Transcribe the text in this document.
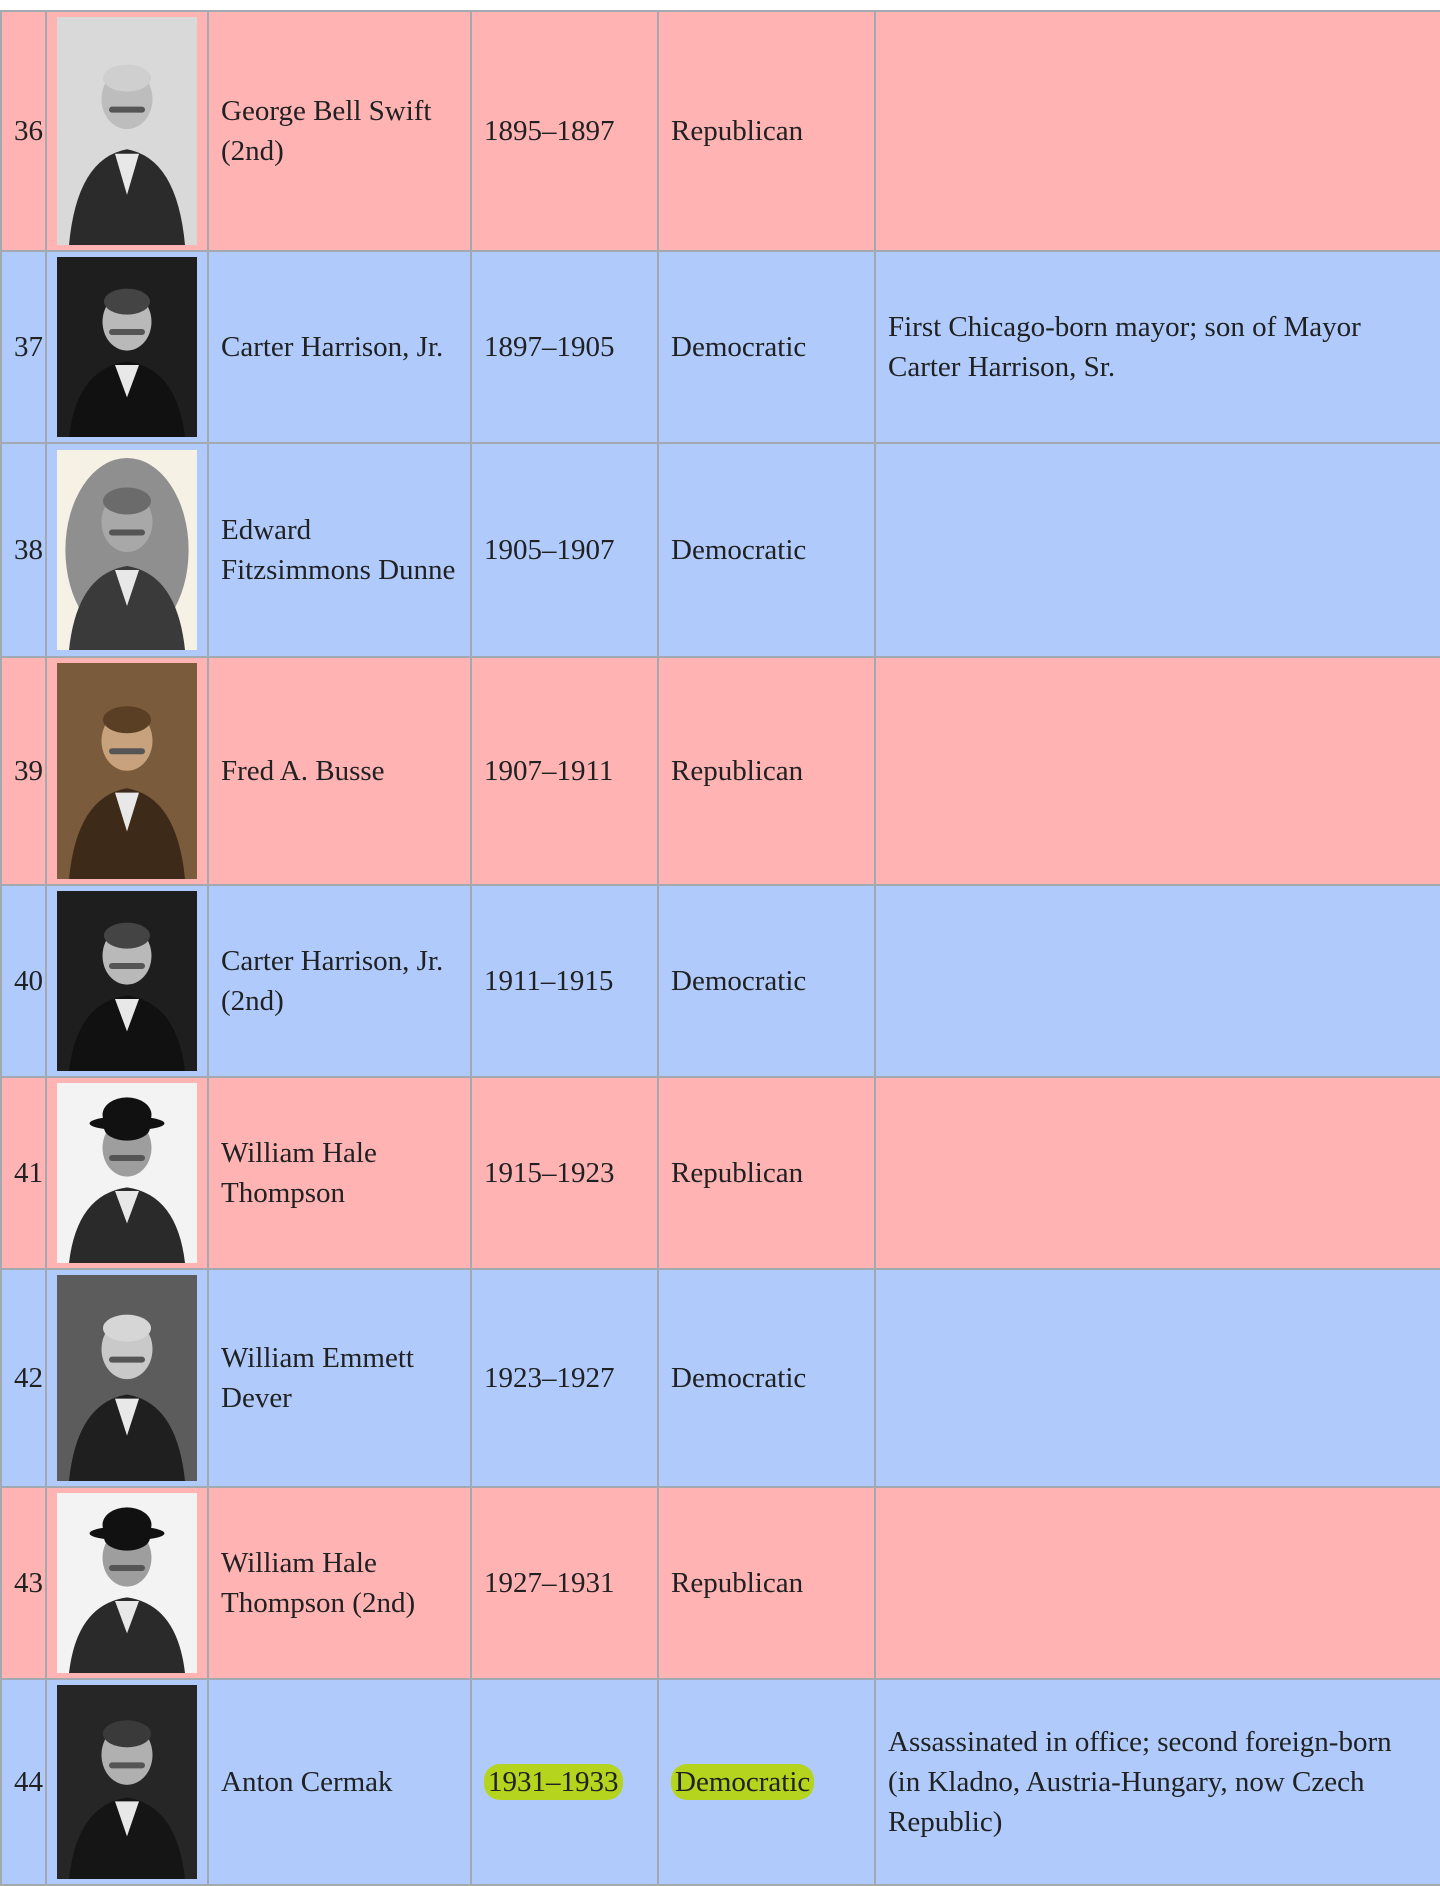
36		George Bell Swift (2nd)	1895–1897	Republican	
37		Carter Harrison, Jr.	1897–1905	Democratic	First Chicago-born mayor; son of Mayor Carter Harrison, Sr.
38		Edward Fitzsimmons Dunne	1905–1907	Democratic	
39		Fred A. Busse	1907–1911	Republican	
40		Carter Harrison, Jr. (2nd)	1911–1915	Democratic	
41		William Hale Thompson	1915–1923	Republican	
42		William Emmett Dever	1923–1927	Democratic	
43		William Hale Thompson (2nd)	1927–1931	Republican	
44		Anton Cermak	1931–1933	Democratic	Assassinated in office; second foreign-born (in Kladno, Austria-Hungary, now Czech Republic)
